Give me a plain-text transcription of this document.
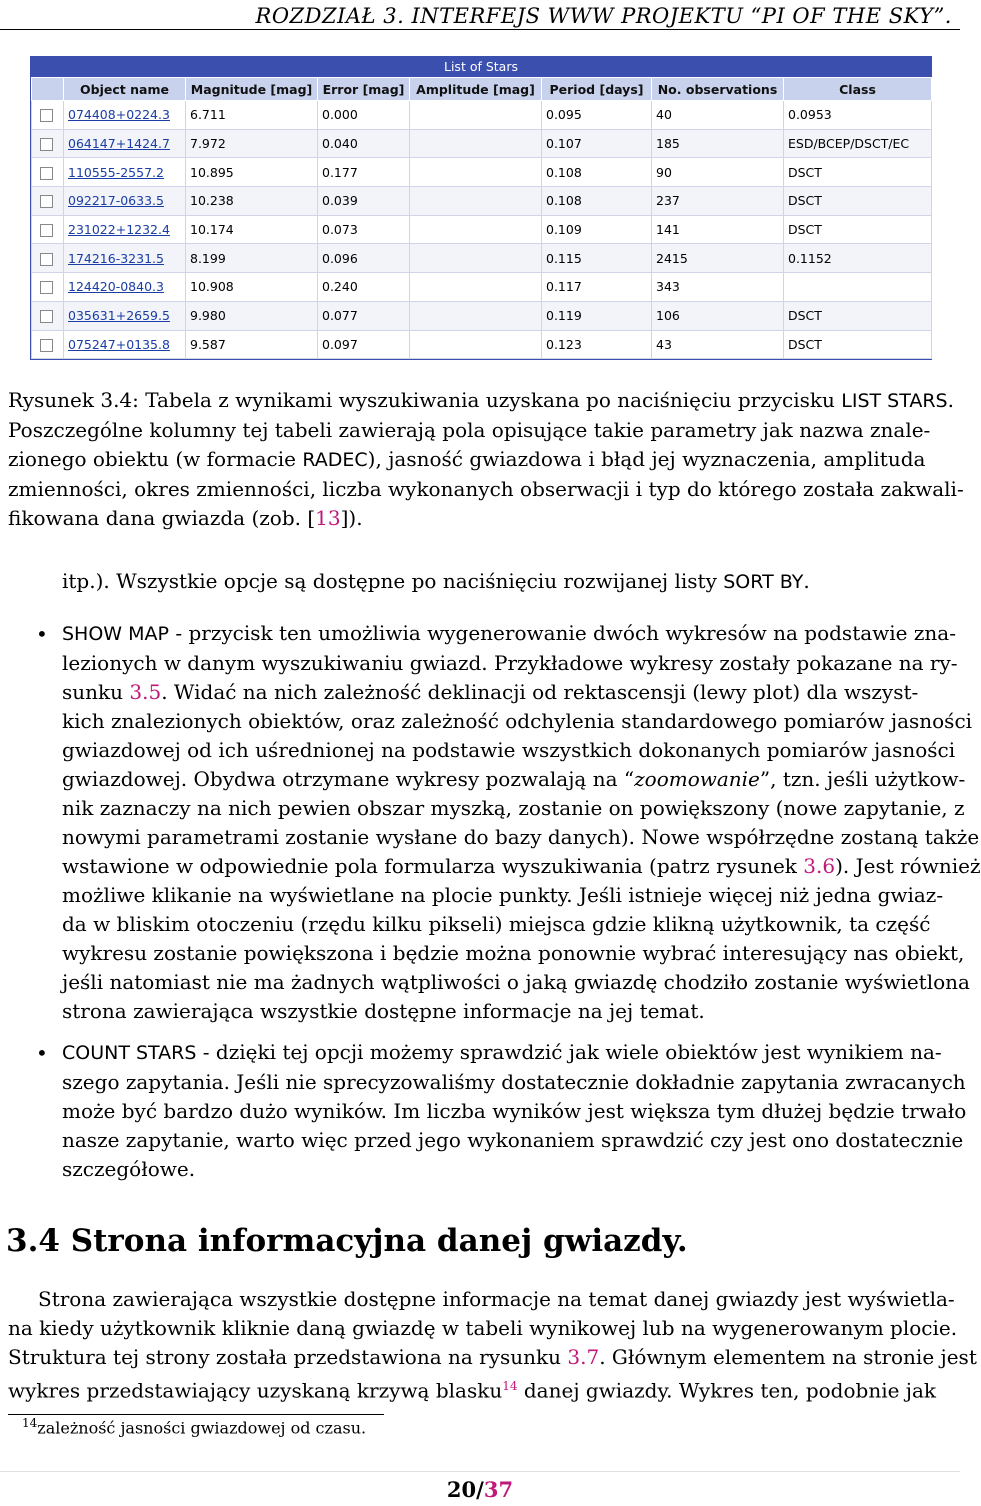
ROZDZIAŁ 3. INTERFEJS WWW PROJEKTU “PI OF THE SKY”.
List of Stars
	Object name	Magnitude [mag]	Error [mag]	Amplitude [mag]	Period [days]	No. observations	Class
	074408+0224.3	6.711	0.000		0.095	40	0.0953
	064147+1424.7	7.972	0.040		0.107	185	ESD/BCEP/DSCT/EC
	110555-2557.2	10.895	0.177		0.108	90	DSCT
	092217-0633.5	10.238	0.039		0.108	237	DSCT
	231022+1232.4	10.174	0.073		0.109	141	DSCT
	174216-3231.5	8.199	0.096		0.115	2415	0.1152
	124420-0840.3	10.908	0.240		0.117	343	
	035631+2659.5	9.980	0.077		0.119	106	DSCT
	075247+0135.8	9.587	0.097		0.123	43	DSCT
Rysunek 3.4: Tabela z wynikami wyszukiwania uzyskana po naciśnięciu przycisku LIST STARS.
Poszczególne kolumny tej tabeli zawierają pola opisujące takie parametry jak nazwa znale-
zionego obiektu (w formacie RADEC), jasność gwiazdowa i błąd jej wyznaczenia, amplituda
zmienności, okres zmienności, liczba wykonanych obserwacji i typ do którego została zakwali-
fikowana dana gwiazda (zob. [13]).
itp.). Wszystkie opcje są dostępne po naciśnięciu rozwijanej listy SORT BY.
• SHOW MAP - przycisk ten umożliwia wygenerowanie dwóch wykresów na podstawie zna-
lezionych w danym wyszukiwaniu gwiazd. Przykładowe wykresy zostały pokazane na ry-
sunku 3.5. Widać na nich zależność deklinacji od rektascensji (lewy plot) dla wszyst-
kich znalezionych obiektów, oraz zależność odchylenia standardowego pomiarów jasności
gwiazdowej od ich uśrednionej na podstawie wszystkich dokonanych pomiarów jasności
gwiazdowej. Obydwa otrzymane wykresy pozwalają na “zoomowanie”, tzn. jeśli użytkow-
nik zaznaczy na nich pewien obszar myszką, zostanie on powiększony (nowe zapytanie, z
nowymi parametrami zostanie wysłane do bazy danych). Nowe współrzędne zostaną także
wstawione w odpowiednie pola formularza wyszukiwania (patrz rysunek 3.6). Jest również
możliwe klikanie na wyświetlane na plocie punkty. Jeśli istnieje więcej niż jedna gwiaz-
da w bliskim otoczeniu (rzędu kilku pikseli) miejsca gdzie klikną użytkownik, ta część
wykresu zostanie powiększona i będzie można ponownie wybrać interesujący nas obiekt,
jeśli natomiast nie ma żadnych wątpliwości o jaką gwiazdę chodziło zostanie wyświetlona
strona zawierająca wszystkie dostępne informacje na jej temat.
• COUNT STARS - dzięki tej opcji możemy sprawdzić jak wiele obiektów jest wynikiem na-
szego zapytania. Jeśli nie sprecyzowaliśmy dostatecznie dokładnie zapytania zwracanych
może być bardzo dużo wyników. Im liczba wyników jest większa tym dłużej będzie trwało
nasze zapytanie, warto więc przed jego wykonaniem sprawdzić czy jest ono dostatecznie
szczegółowe.
3.4 Strona informacyjna danej gwiazdy.
Strona zawierająca wszystkie dostępne informacje na temat danej gwiazdy jest wyświetla-
na kiedy użytkownik kliknie daną gwiazdę w tabeli wynikowej lub na wygenerowanym plocie.
Struktura tej strony została przedstawiona na rysunku 3.7. Głównym elementem na stronie jest
wykres przedstawiający uzyskaną krzywą blasku$^{14}$ danej gwiazdy. Wykres ten, podobnie jak
$^{14}$zależność jasności gwiazdowej od czasu.
20/37
